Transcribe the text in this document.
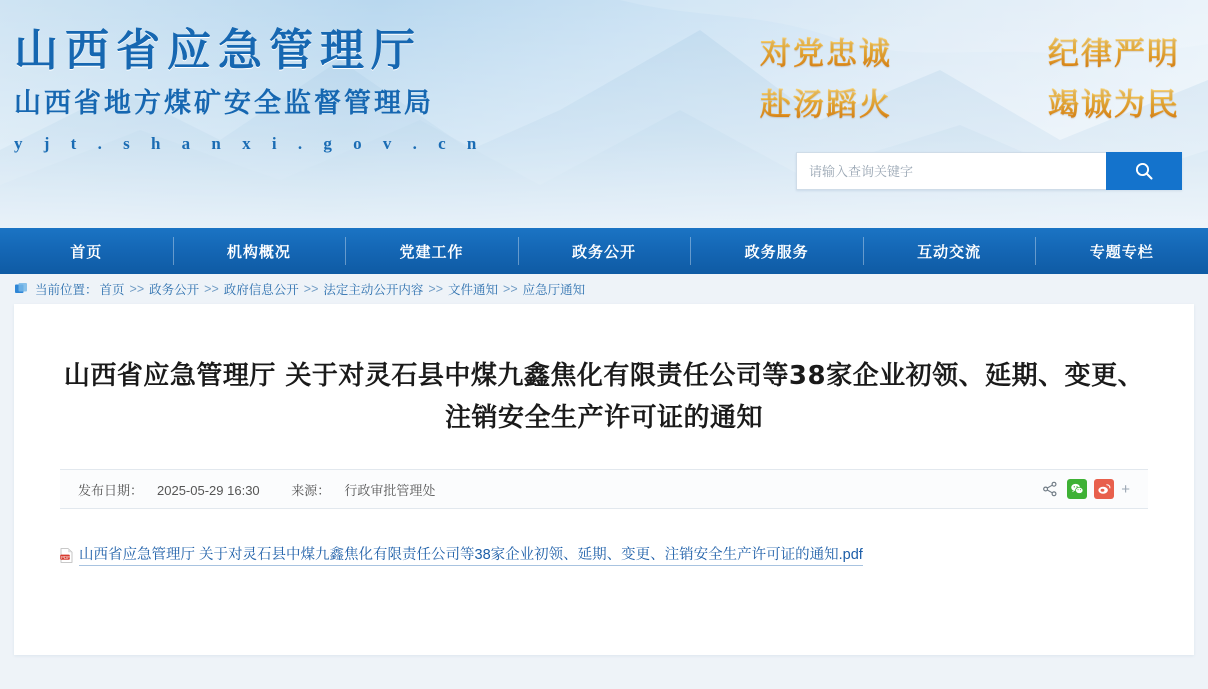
山西省应急管理厅
山西省地方煤矿安全监督管理局
y j t . s h a n x i . g o v . c n
对党忠诚	纪律严明
赴汤蹈火	竭诚为民
请输入查询关键字
首页	机构概况	党建工作	政务公开	政务服务	互动交流	专题专栏
当前位置： 首页 >> 政务公开 >> 政府信息公开 >> 法定主动公开内容 >> 文件通知 >> 应急厅通知
山西省应急管理厅 关于对灵石县中煤九鑫焦化有限责任公司等38家企业初领、延期、变更、注销安全生产许可证的通知
发布日期： 2025-05-29 16:30 来源： 行政审批管理处	+
PDF 山西省应急管理厅 关于对灵石县中煤九鑫焦化有限责任公司等38家企业初领、延期、变更、注销安全生产许可证的通知.pdf
